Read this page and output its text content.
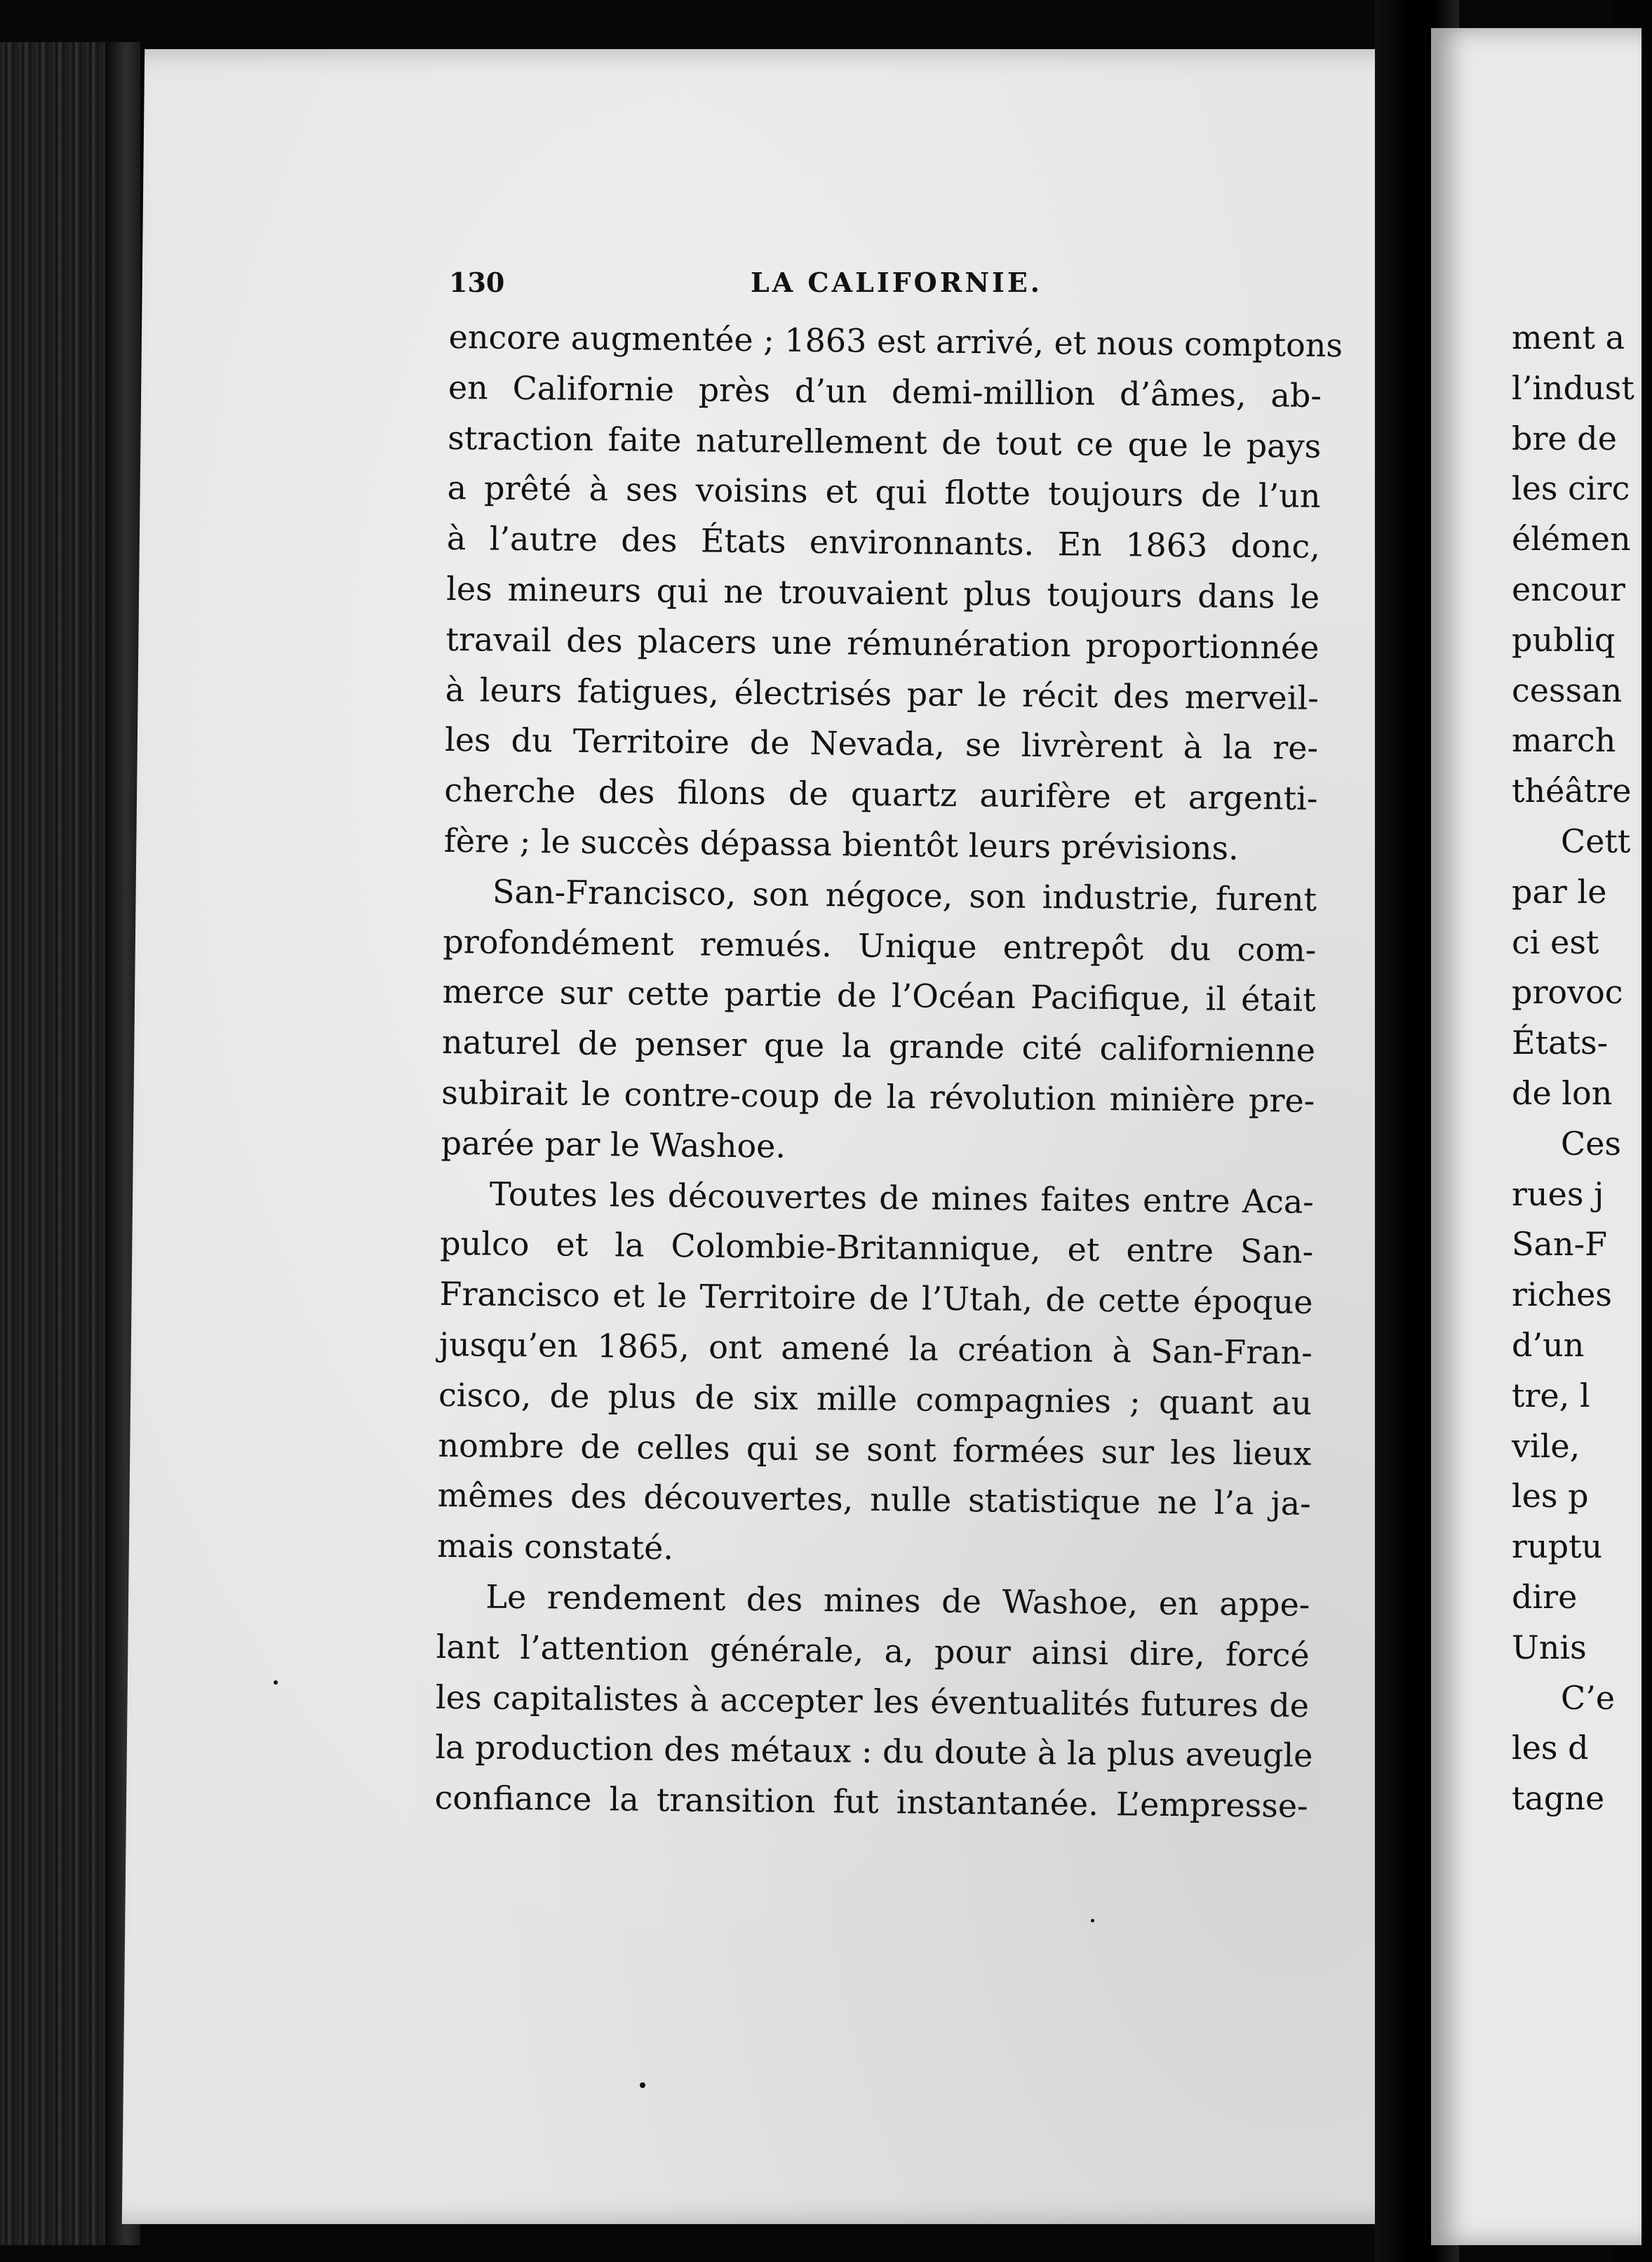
130	LA CALIFORNIE.
encore augmentée ; 1863 est arrivé, et nous comptons
en Californie près d’un demi-million d’âmes, ab-
straction faite naturellement de tout ce que le pays
a prêté à ses voisins et qui flotte toujours de l’un
à l’autre des États environnants. En 1863 donc,
les mineurs qui ne trouvaient plus toujours dans le
travail des placers une rémunération proportionnée
à leurs fatigues, électrisés par le récit des merveil-
les du Territoire de Nevada, se livrèrent à la re-
cherche des filons de quartz aurifère et argenti-
fère ; le succès dépassa bientôt leurs prévisions.
San-Francisco, son négoce, son industrie, furent
profondément remués. Unique entrepôt du com-
merce sur cette partie de l’Océan Pacifique, il était
naturel de penser que la grande cité californienne
subirait le contre-coup de la révolution minière pre-
parée par le Washoe.
Toutes les découvertes de mines faites entre Aca-
pulco et la Colombie-Britannique, et entre San-
Francisco et le Territoire de l’Utah, de cette époque
jusqu’en 1865, ont amené la création à San-Fran-
cisco, de plus de six mille compagnies ; quant au
nombre de celles qui se sont formées sur les lieux
mêmes des découvertes, nulle statistique ne l’a ja-
mais constaté.
Le rendement des mines de Washoe, en appe-
lant l’attention générale, a, pour ainsi dire, forcé
les capitalistes à accepter les éventualités futures de
la production des métaux : du doute à la plus aveugle
confiance la transition fut instantanée. L’empresse-
ment a
l’indust
bre de
les circ
élémen
encour
publiq
cessan
march
théâtre
Cett
par le
ci est
provoc
États-
de lon
Ces
rues j
San-F
riches
d’un
tre, l
vile,
les p
ruptu
dire
Unis
C’e
les d
tagne
